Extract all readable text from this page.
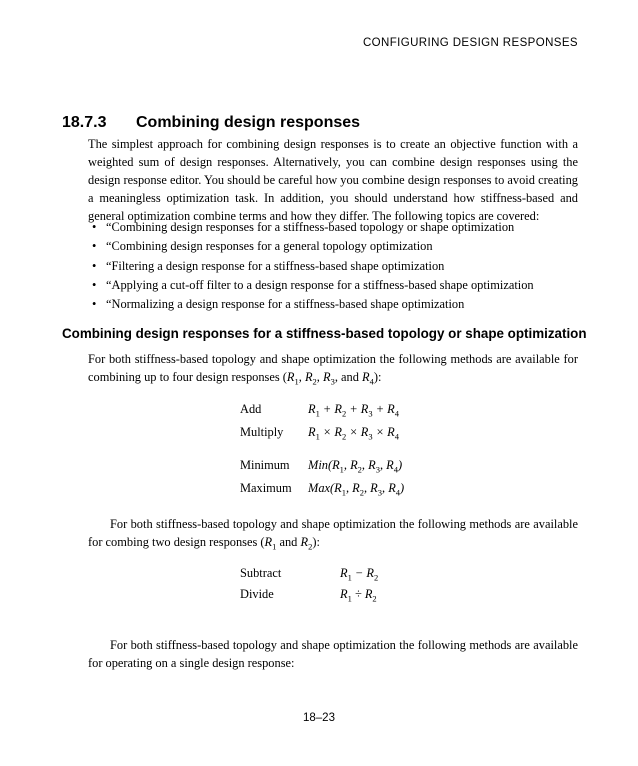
CONFIGURING DESIGN RESPONSES
18.7.3 Combining design responses
The simplest approach for combining design responses is to create an objective function with a weighted sum of design responses. Alternatively, you can combine design responses using the design response editor. You should be careful how you combine design responses to avoid creating a meaningless optimization task. In addition, you should understand how stiffness-based and general optimization combine terms and how they differ. The following topics are covered:
• “Combining design responses for a stiffness-based topology or shape optimization
• “Combining design responses for a general topology optimization
• “Filtering a design response for a stiffness-based shape optimization
• “Applying a cut-off filter to a design response for a stiffness-based shape optimization
• “Normalizing a design response for a stiffness-based shape optimization
Combining design responses for a stiffness-based topology or shape optimization
For both stiffness-based topology and shape optimization the following methods are available for combining up to four design responses ($R_1$, $R_2$, $R_3$, and $R_4$):
Add	$R_1 + R_2 + R_3 + R_4$
Multiply $R_1 \times R_2 \times R_3 \times R_4$
Minimum $Min(R_1$, $R_2$, $R_3$, $R_4$)
Maximum $Max(R_1$, $R_2$, $R_3$, $R_4$)
For both stiffness-based topology and shape optimization the following methods are available for combing two design responses ($R_1$ and $R_2$):
Subtract	$R_1 - R_2$
Divide	$R_1 \div R_2$
For both stiffness-based topology and shape optimization the following methods are available for operating on a single design response:
18–23
